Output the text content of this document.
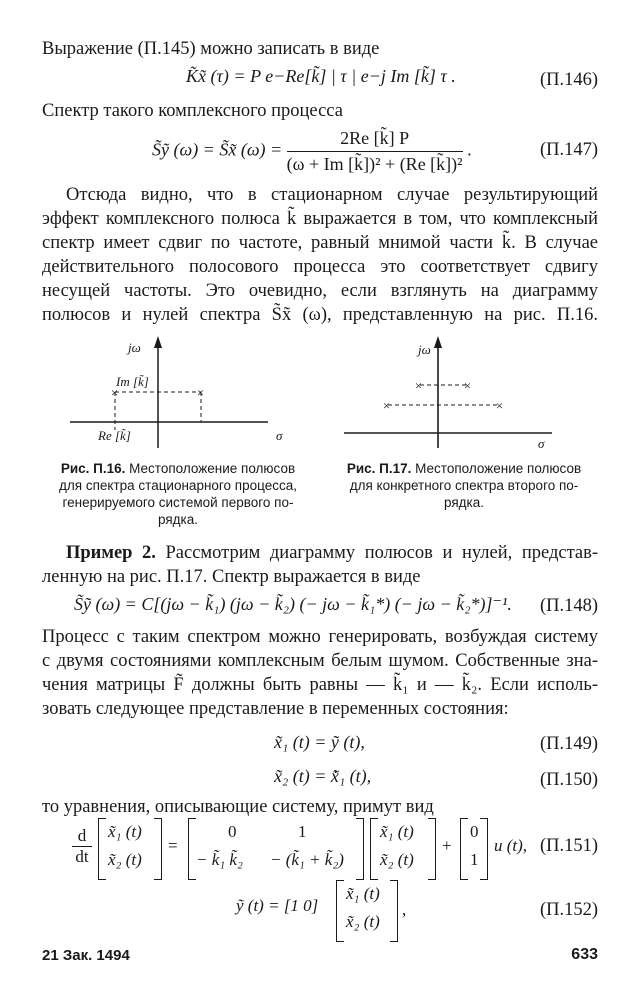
Выражение (П.145) можно записать в виде
K̃x̃ (τ) = P e−Re[k̃] | τ | e−j Im [k̃] τ .	(П.146)
Спектр такого комплексного процесса
S̃ỹ (ω) = S̃x̃ $(\omega) = \frac{2Re [k̃] P}{\text{(ω + Im [k̃])² + (Re [k̃])²}}$ .	(П.147)
Отсюда видно, что в стационарном случае результирующий
эффект комплексного полюса k̃ выражается в том, что комплексный
спектр имеет сдвиг по частоте, равный мнимой части k̃. В случае
действительного полосового процесса это соответствует сдвигу
несущей частоты. Это очевидно, если взглянуть на диаграмму
полюсов и нулей спектра S̃x̃ (ω), представленную на рис. П.16.
×	×
jω
Im [k̃]
Re [k̃]	σ
×	×
×	×
jω
σ
Рис. П.16. Местоположение полюсов
для спектра стационарного процесса,
генерируемого системой первого по-
рядка.
Рис. П.17. Местоположение полюсов
для конкретного спектра второго по-
рядка.
Пример 2. Рассмотрим диаграмму полюсов и нулей, представ-
ленную на рис. П.17. Спектр выражается в виде
S̃ỹ (ω) = C[(jω − k̃₁) (jω − k̃₂) (− jω − k̃₁*) (− jω − k̃₂*)]⁻¹. (П.148)
Процесс с таким спектром можно генерировать, возбуждая систему
с двумя состояниями комплексным белым шумом. Собственные зна-
чения матрицы F̃ должны быть равны — k̃₁ и — k̃₂. Если исполь-
зовать следующее представление в переменных состояния:
x̃₁ (t) = ỹ (t),	(П.149)
x̃₂ (t) = x̃̇₁ (t),	(П.150)
то уравнения, описывающие систему, примут вид
d
dt
x̃₁ (t)
x̃₂ (t)
=
0	1
− k̃₁ k̃₂ − (k̃₁ + k̃₂)
x̃₁ (t)
x̃₂ (t)
+
0
1
u (t), (П.151)
ỹ (t) = [1 0]
x̃₁ (t)
x̃₂ (t)
,	(П.152)
21 Зак. 1494	633
